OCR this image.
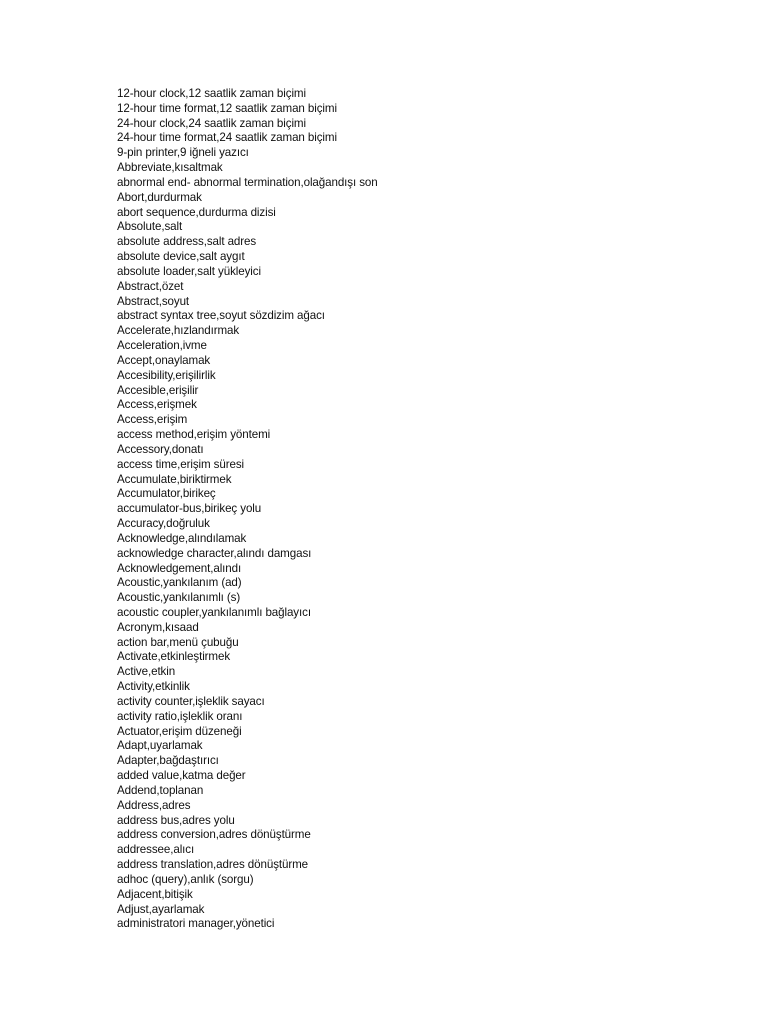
12-hour clock,12 saatlik zaman biçimi
12-hour time format,12 saatlik zaman biçimi
24-hour clock,24 saatlik zaman biçimi
24-hour time format,24 saatlik zaman biçimi
9-pin printer,9 iğneli yazıcı
Abbreviate,kısaltmak
abnormal end- abnormal termination,olağandışı son
Abort,durdurmak
abort sequence,durdurma dizisi
Absolute,salt
absolute address,salt adres
absolute device,salt aygıt
absolute loader,salt yükleyici
Abstract,özet
Abstract,soyut
abstract syntax tree,soyut sözdizim ağacı
Accelerate,hızlandırmak
Acceleration,ivme
Accept,onaylamak
Accesibility,erişilirlik
Accesible,erişilir
Access,erişmek
Access,erişim
access method,erişim yöntemi
Accessory,donatı
access time,erişim süresi
Accumulate,biriktirmek
Accumulator,birikeç
accumulator-bus,birikeç yolu
Accuracy,doğruluk
Acknowledge,alındılamak
acknowledge character,alındı damgası
Acknowledgement,alındı
Acoustic,yankılanım (ad)
Acoustic,yankılanımlı (s)
acoustic coupler,yankılanımlı bağlayıcı
Acronym,kısaad
action bar,menü çubuğu
Activate,etkinleştirmek
Active,etkin
Activity,etkinlik
activity counter,işleklik sayacı
activity ratio,işleklik oranı
Actuator,erişim düzeneği
Adapt,uyarlamak
Adapter,bağdaştırıcı
added value,katma değer
Addend,toplanan
Address,adres
address bus,adres yolu
address conversion,adres dönüştürme
addressee,alıcı
address translation,adres dönüştürme
adhoc (query),anlık (sorgu)
Adjacent,bitişik
Adjust,ayarlamak
administratori manager,yönetici
